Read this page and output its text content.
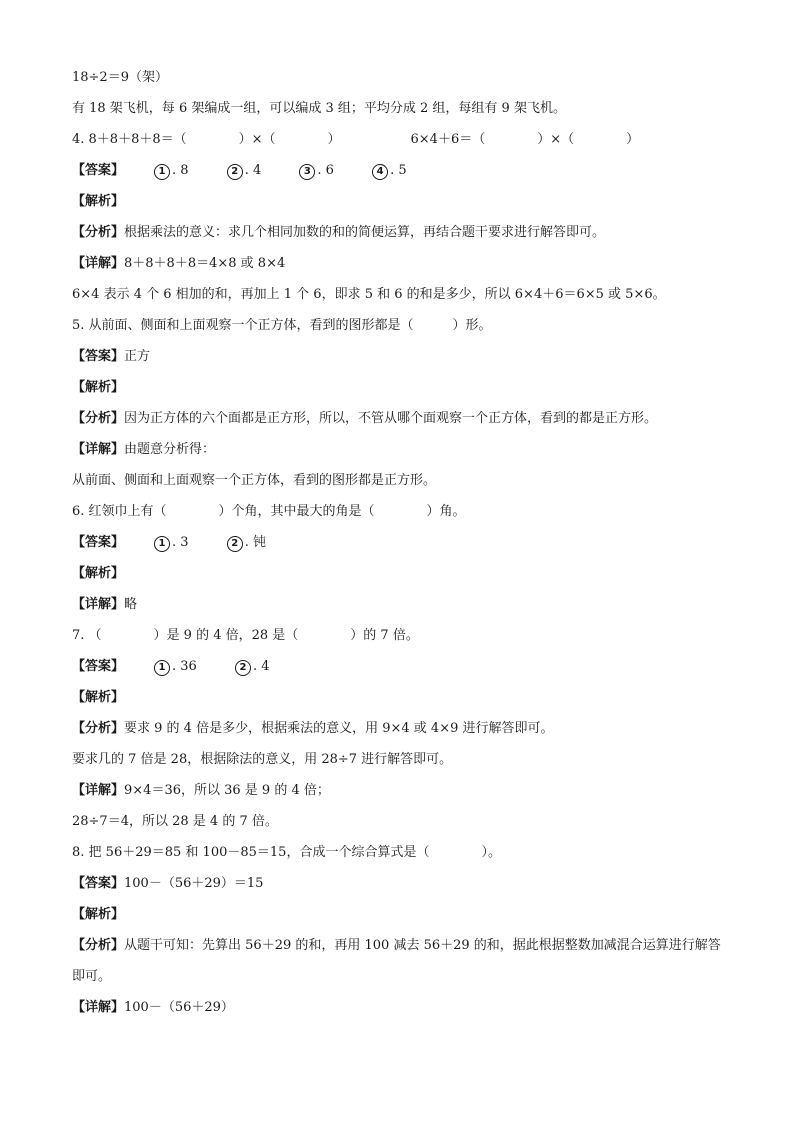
18÷2＝9（架）
有 18 架飞机，每 6 架编成一组，可以编成 3 组；平均分成 2 组，每组有 9 架飞机。
4. 8＋8＋8＋8＝（　　　　）×（　　　　）	6×4＋6＝（　　　　）×（　　　　）
【答案】	1 . 8	2 . 4	3 . 6	4 . 5
【解析】
【分析】根据乘法的意义：求几个相同加数的和的简便运算，再结合题干要求进行解答即可。
【详解】8＋8＋8＋8＝4×8 或 8×4
6×4 表示 4 个 6 相加的和，再加上 1 个 6，即求 5 和 6 的和是多少，所以 6×4＋6＝6×5 或 5×6。
5. 从前面、侧面和上面观察一个正方体，看到的图形都是（　　　）形。
【答案】正方
【解析】
【分析】因为正方体的六个面都是正方形，所以，不管从哪个面观察一个正方体，看到的都是正方形。
【详解】由题意分析得：
从前面、侧面和上面观察一个正方体，看到的图形都是正方形。
6. 红领巾上有（　　　　）个角，其中最大的角是（　　　　）角。
【答案】	1 . 3	2 . 钝
【解析】
【详解】略
7. （　　　　）是 9 的 4 倍，28 是（　　　　）的 7 倍。
【答案】	1 . 36	2 . 4
【解析】
【分析】要求 9 的 4 倍是多少，根据乘法的意义，用 9×4 或 4×9 进行解答即可。
要求几的 7 倍是 28，根据除法的意义，用 28÷7 进行解答即可。
【详解】9×4＝36，所以 36 是 9 的 4 倍；
28÷7＝4，所以 28 是 4 的 7 倍。
8. 把 56＋29＝85 和 100－85＝15，合成一个综合算式是（　　　　）。
【答案】100－（56＋29）＝15
【解析】
【分析】从题干可知：先算出 56＋29 的和，再用 100 减去 56＋29 的和，据此根据整数加减混合运算进行解答即可。
【详解】100－（56＋29）
